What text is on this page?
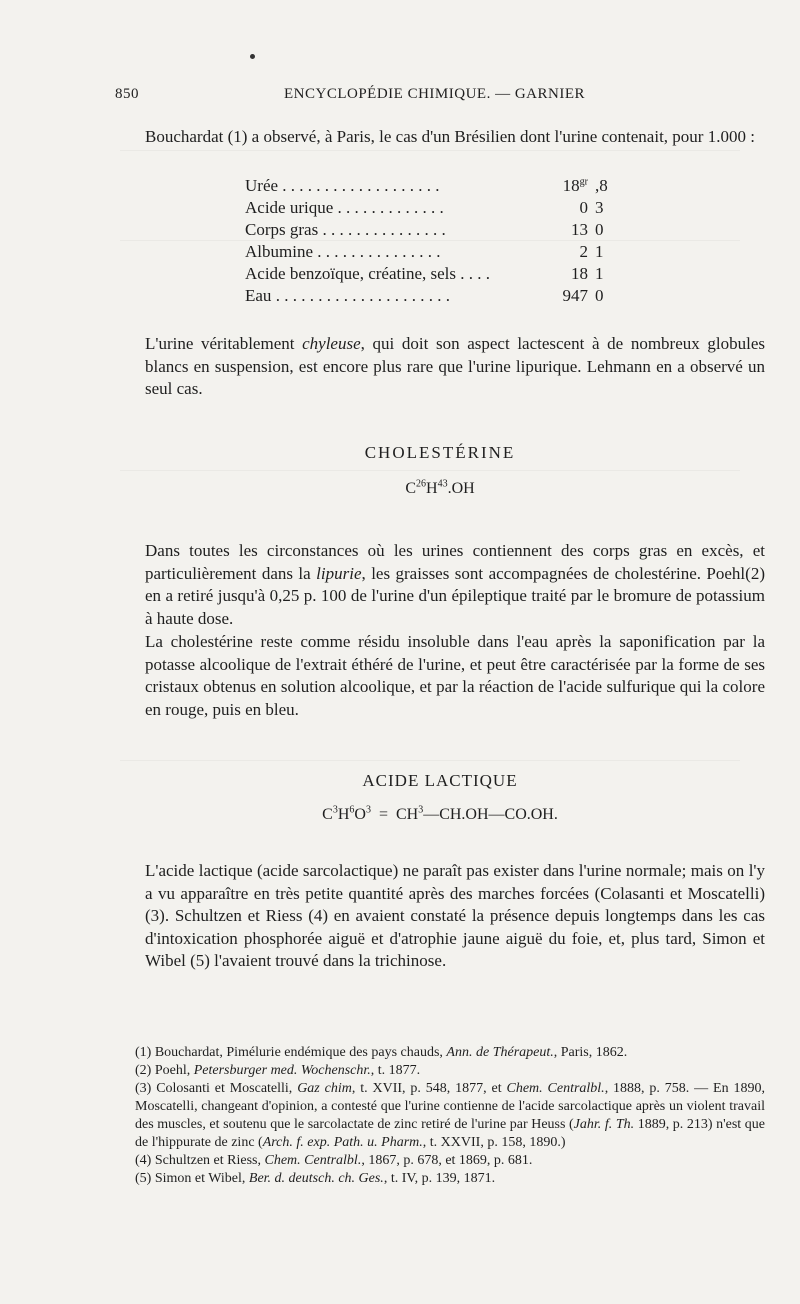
850	ENCYCLOPÉDIE CHIMIQUE. — GARNIER
Bouchardat (1) a observé, à Paris, le cas d'un Brésilien dont l'urine contenait, pour 1.000 :
Urée . . . . . . . . . . . . . . . . . . .	$18^{gr}$ ,8
Acide urique . . . . . . . . . . . . .	0 3
Corps gras . . . . . . . . . . . . . . .	13 0
Albumine . . . . . . . . . . . . . . .	2 1
Acide benzoïque, créatine, sels . . . .	18 1
Eau . . . . . . . . . . . . . . . . . . . . .	947 0
L'urine véritablement chyleuse, qui doit son aspect lactescent à de nombreux globules blancs en suspension, est encore plus rare que l'urine lipurique. Lehmann en a observé un seul cas.
CHOLESTÉRINE
$C^{26}H^{43}.OH$
Dans toutes les circonstances où les urines contiennent des corps gras en excès, et particulièrement dans la lipurie, les graisses sont accompagnées de cholestérine. Poehl(2) en a retiré jusqu'à 0,25 p. 100 de l'urine d'un épileptique traité par le bromure de potassium à haute dose.
La cholestérine reste comme résidu insoluble dans l'eau après la saponification par la potasse alcoolique de l'extrait éthéré de l'urine, et peut être caractérisée par la forme de ses cristaux obtenus en solution alcoolique, et par la réaction de l'acide sulfurique qui la colore en rouge, puis en bleu.
ACIDE LACTIQUE
$C^3H^6O^3$  =  $CH^3—CH.OH—CO.OH$.
L'acide lactique (acide sarcolactique) ne paraît pas exister dans l'urine normale; mais on l'y a vu apparaître en très petite quantité après des marches forcées (Colasanti et Moscatelli) (3). Schultzen et Riess (4) en avaient constaté la présence depuis longtemps dans les cas d'intoxication phosphorée aiguë et d'atrophie jaune aiguë du foie, et, plus tard, Simon et Wibel (5) l'avaient trouvé dans la trichinose.
(1) Bouchardat, Pimélurie endémique des pays chauds, Ann. de Thérapeut., Paris, 1862.
(2) Poehl, Petersburger med. Wochenschr., t. 1877.
(3) Colosanti et Moscatelli, Gaz chim, t. XVII, p. 548, 1877, et Chem. Centralbl., 1888, p. 758. — En 1890, Moscatelli, changeant d'opinion, a contesté que l'urine contienne de l'acide sarcolactique après un violent travail des muscles, et soutenu que le sarcolactate de zinc retiré de l'urine par Heuss (Jahr. f. Th. 1889, p. 213) n'est que de l'hippurate de zinc (Arch. f. exp. Path. u. Pharm., t. XXVII, p. 158, 1890.)
(4) Schultzen et Riess, Chem. Centralbl., 1867, p. 678, et 1869, p. 681.
(5) Simon et Wibel, Ber. d. deutsch. ch. Ges., t. IV, p. 139, 1871.
